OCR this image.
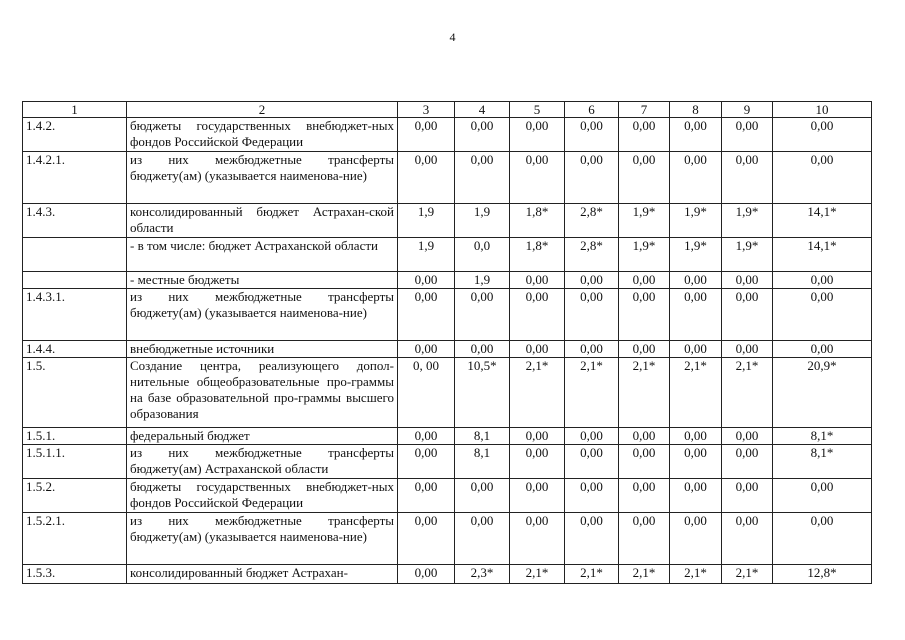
4
1	2	3	4	5	6	7	8	9	10
1.4.2.	бюджеты государственных внебюджет-ных фондов Российской Федерации	0,00	0,00	0,00	0,00	0,00	0,00	0,00	0,00
1.4.2.1.	из них межбюджетные трансферты бюджету(ам) (указывается наименова-ние)	0,00	0,00	0,00	0,00	0,00	0,00	0,00	0,00
1.4.3.	консолидированный бюджет Астрахан-ской области	1,9	1,9	1,8*	2,8*	1,9*	1,9*	1,9*	14,1*
	- в том числе: бюджет Астраханской области	1,9	0,0	1,8*	2,8*	1,9*	1,9*	1,9*	14,1*
	- местные бюджеты	0,00	1,9	0,00	0,00	0,00	0,00	0,00	0,00
1.4.3.1.	из них межбюджетные трансферты бюджету(ам) (указывается наименова-ние)	0,00	0,00	0,00	0,00	0,00	0,00	0,00	0,00
1.4.4.	внебюджетные источники	0,00	0,00	0,00	0,00	0,00	0,00	0,00	0,00
1.5.	Создание центра, реализующего допол-нительные общеобразовательные про-граммы на базе образовательной про-граммы высшего образования	0, 00	10,5*	2,1*	2,1*	2,1*	2,1*	2,1*	20,9*
1.5.1.	федеральный бюджет	0,00	8,1	0,00	0,00	0,00	0,00	0,00	8,1*
1.5.1.1.	из них межбюджетные трансферты бюджету(ам) Астраханской области	0,00	8,1	0,00	0,00	0,00	0,00	0,00	8,1*
1.5.2.	бюджеты государственных внебюджет-ных фондов Российской Федерации	0,00	0,00	0,00	0,00	0,00	0,00	0,00	0,00
1.5.2.1.	из них межбюджетные трансферты бюджету(ам) (указывается наименова-ние)	0,00	0,00	0,00	0,00	0,00	0,00	0,00	0,00
1.5.3.	консолидированный бюджет Астрахан-	0,00	2,3*	2,1*	2,1*	2,1*	2,1*	2,1*	12,8*
